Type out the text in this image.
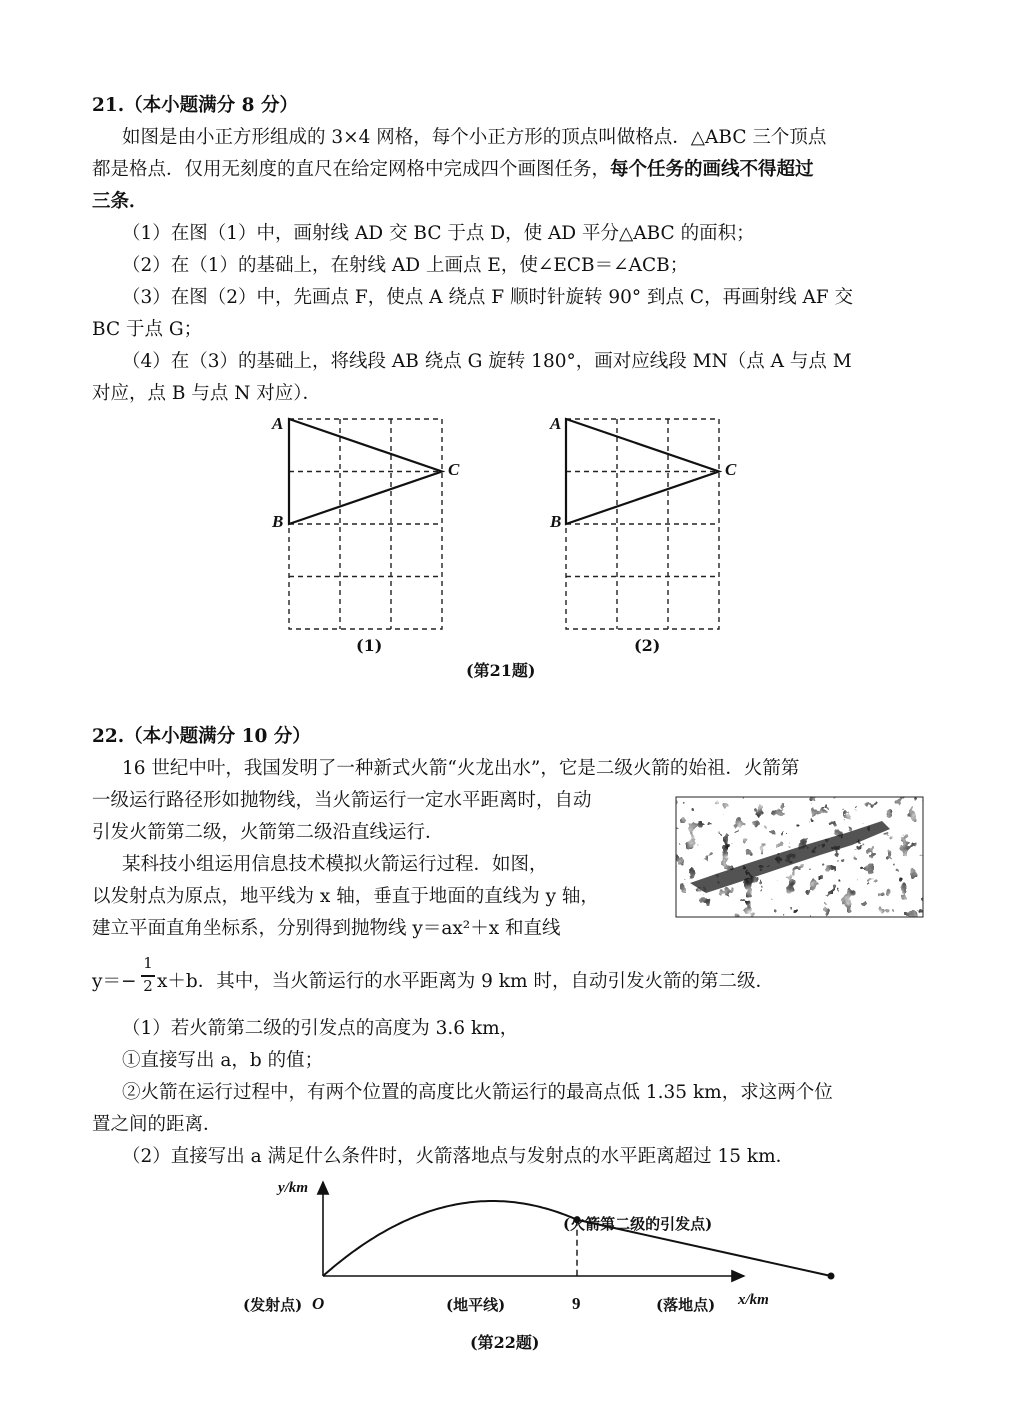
21.（本小题满分 8 分）
如图是由小正方形组成的 3×4 网格，每个小正方形的顶点叫做格点．△ABC 三个顶点
都是格点．仅用无刻度的直尺在给定网格中完成四个画图任务，每个任务的画线不得超过
三条．
（1）在图（1）中，画射线 AD 交 BC 于点 D，使 AD 平分△ABC 的面积；
（2）在（1）的基础上，在射线 AD 上画点 E，使∠ECB＝∠ACB；
（3）在图（2）中，先画点 F，使点 A 绕点 F 顺时针旋转 90° 到点 C，再画射线 AF 交
BC 于点 G；
（4）在（3）的基础上，将线段 AB 绕点 G 旋转 180°，画对应线段 MN（点 A 与点 M
对应，点 B 与点 N 对应）．
A
B
C
(1)
A
B
C
(2)
(第21题)
22.（本小题满分 10 分）
16 世纪中叶，我国发明了一种新式火箭“火龙出水”，它是二级火箭的始祖．火箭第
一级运行路径形如抛物线，当火箭运行一定水平距离时，自动
引发火箭第二级，火箭第二级沿直线运行．
某科技小组运用信息技术模拟火箭运行过程．如图，
以发射点为原点，地平线为 x 轴，垂直于地面的直线为 y 轴，
建立平面直角坐标系，分别得到抛物线 y＝ax²＋x 和直线
y＝−
1
2 x＋b．其中，当火箭运行的水平距离为 9 km 时，自动引发火箭的第二级．
（1）若火箭第二级的引发点的高度为 3.6 km，
①直接写出 a，b 的值；
②火箭在运行过程中，有两个位置的高度比火箭运行的最高点低 1.35 km，求这两个位
置之间的距离．
（2）直接写出 a 满足什么条件时，火箭落地点与发射点的水平距离超过 15 km．
y/km
(火箭第二级的引发点)
(发射点) O	(地平线)	9	(落地点) x/km
(第22题)
